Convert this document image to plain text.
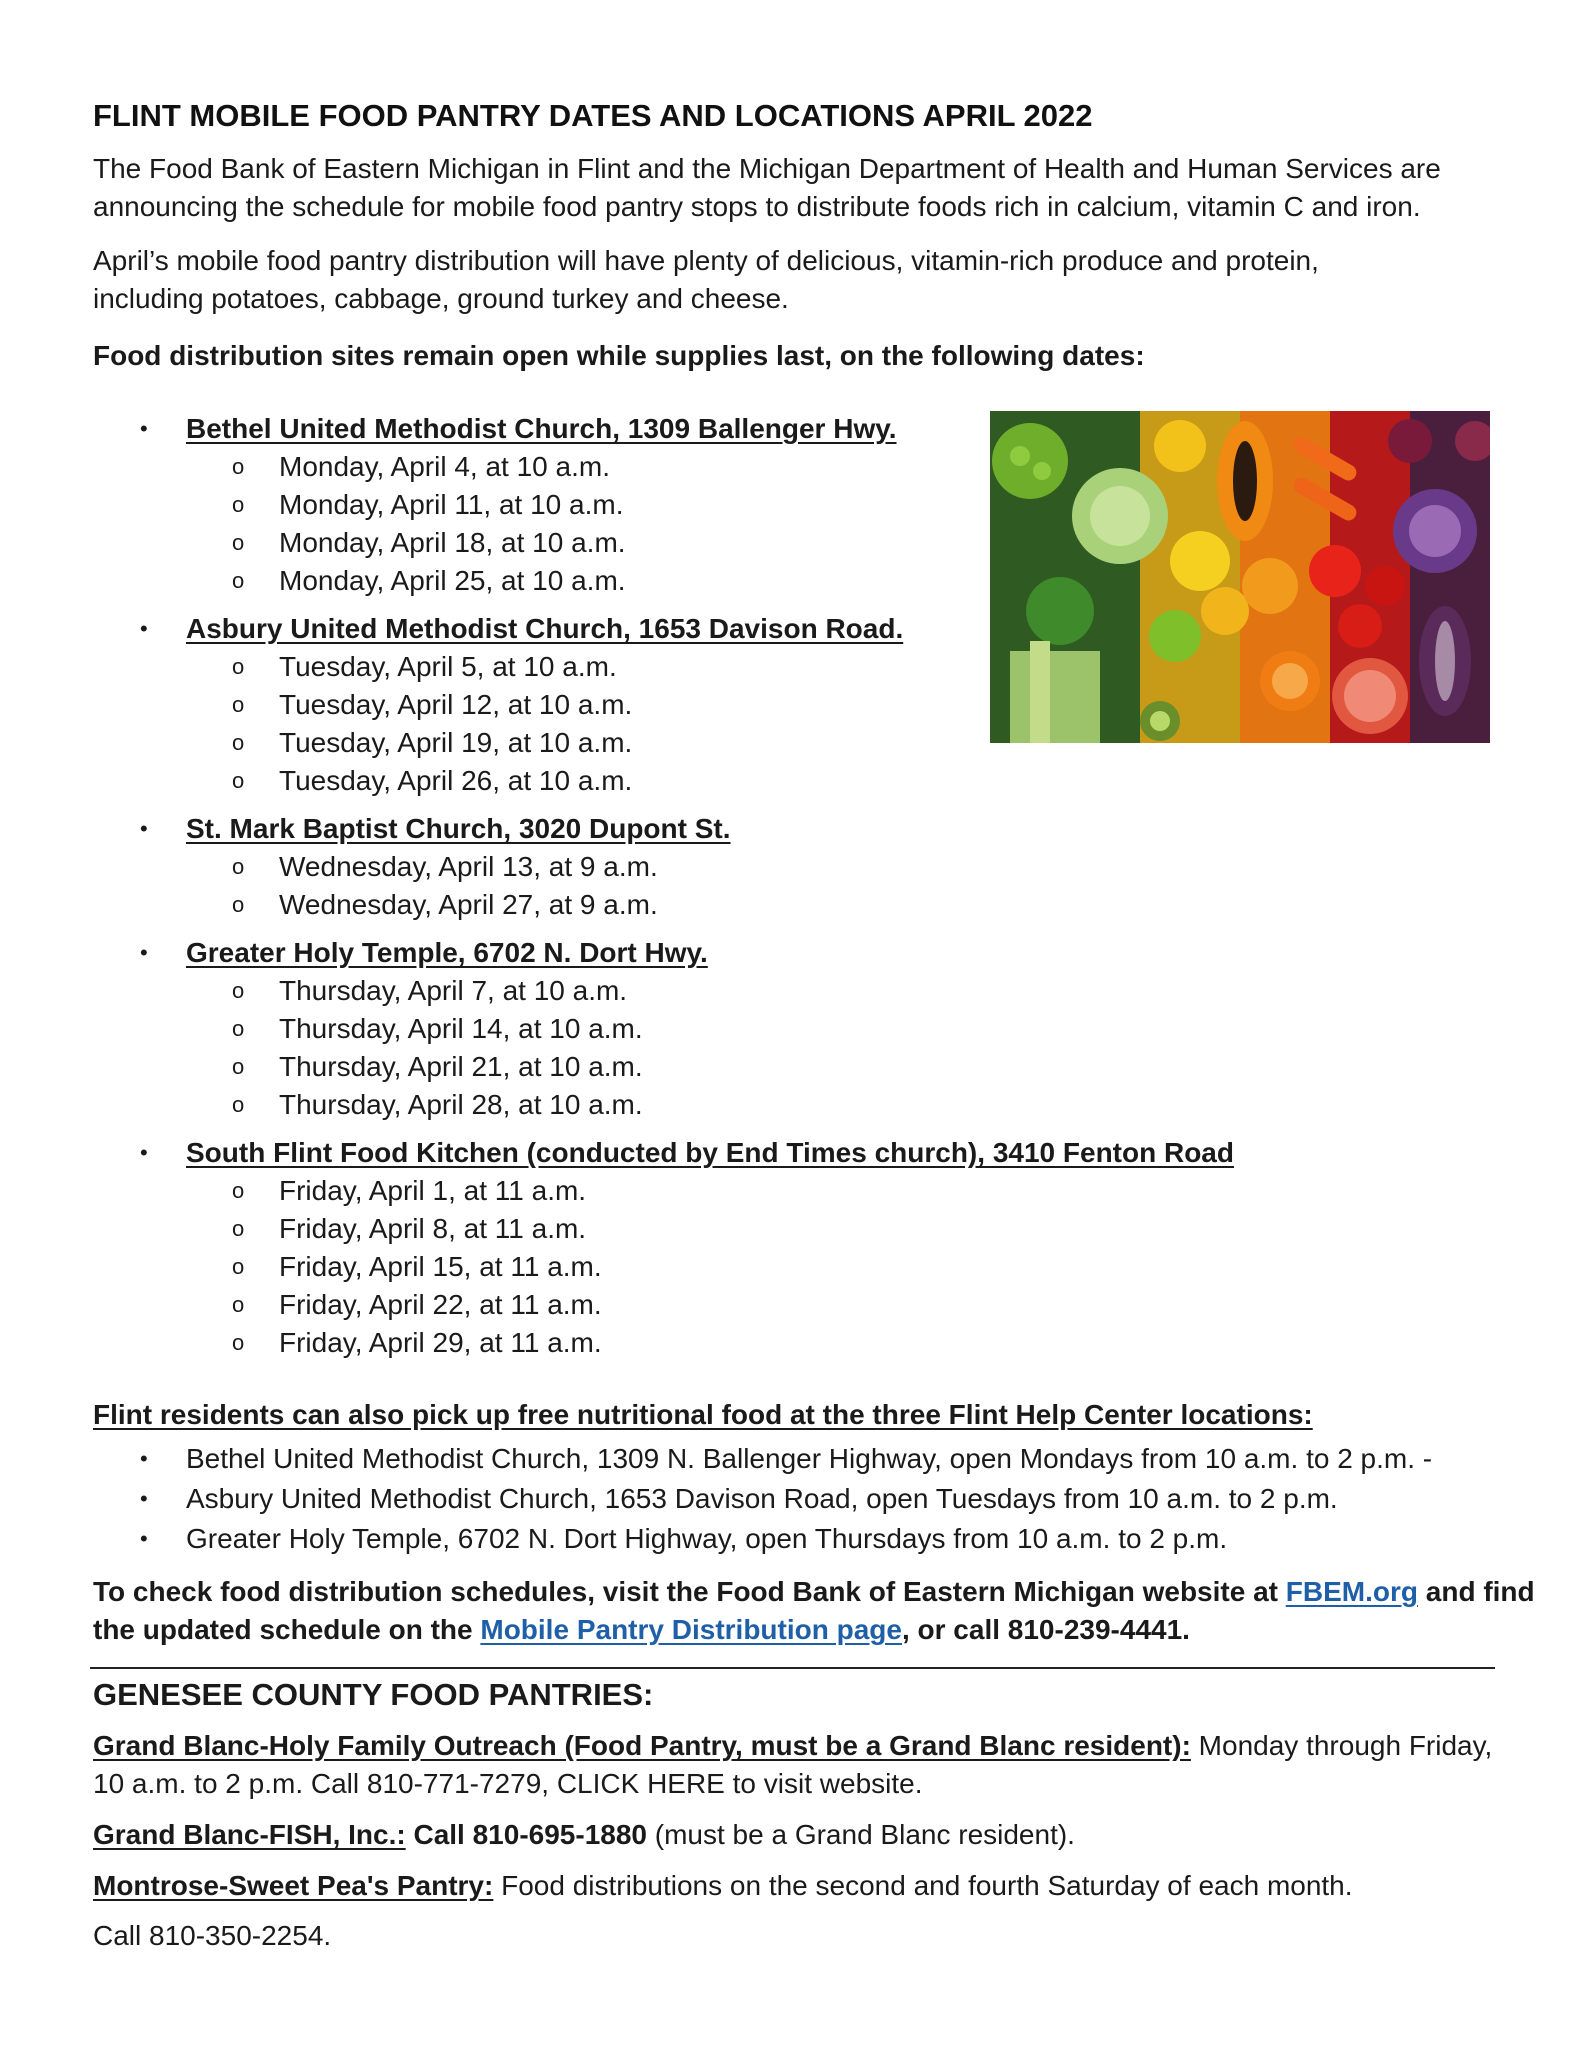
FLINT MOBILE FOOD PANTRY DATES AND LOCATIONS APRIL 2022
The Food Bank of Eastern Michigan in Flint and the Michigan Department of Health and Human Services are
announcing the schedule for mobile food pantry stops to distribute foods rich in calcium, vitamin C and iron.
April’s mobile food pantry distribution will have plenty of delicious, vitamin-rich produce and protein,
including potatoes, cabbage, ground turkey and cheese.
Food distribution sites remain open while supplies last, on the following dates:
• Bethel United Methodist Church, 1309 Ballenger Hwy.
o Monday, April 4, at 10 a.m.
o Monday, April 11, at 10 a.m.
o Monday, April 18, at 10 a.m.
o Monday, April 25, at 10 a.m.
• Asbury United Methodist Church, 1653 Davison Road.
o Tuesday, April 5, at 10 a.m.
o Tuesday, April 12, at 10 a.m.
o Tuesday, April 19, at 10 a.m.
o Tuesday, April 26, at 10 a.m.
• St. Mark Baptist Church, 3020 Dupont St.
o Wednesday, April 13, at 9 a.m.
o Wednesday, April 27, at 9 a.m.
• Greater Holy Temple, 6702 N. Dort Hwy.
o Thursday, April 7, at 10 a.m.
o Thursday, April 14, at 10 a.m.
o Thursday, April 21, at 10 a.m.
o Thursday, April 28, at 10 a.m.
• South Flint Food Kitchen (conducted by End Times church), 3410 Fenton Road
o Friday, April 1, at 11 a.m.
o Friday, April 8, at 11 a.m.
o Friday, April 15, at 11 a.m.
o Friday, April 22, at 11 a.m.
o Friday, April 29, at 11 a.m.
Flint residents can also pick up free nutritional food at the three Flint Help Center locations:
• Bethel United Methodist Church, 1309 N. Ballenger Highway, open Mondays from 10 a.m. to 2 p.m. -
• Asbury United Methodist Church, 1653 Davison Road, open Tuesdays from 10 a.m. to 2 p.m.
• Greater Holy Temple, 6702 N. Dort Highway, open Thursdays from 10 a.m. to 2 p.m.
To check food distribution schedules, visit the Food Bank of Eastern Michigan website at FBEM.org and find
the updated schedule on the Mobile Pantry Distribution page, or call 810-239-4441.
GENESEE COUNTY FOOD PANTRIES:
Grand Blanc-Holy Family Outreach (Food Pantry, must be a Grand Blanc resident): Monday through Friday,
10 a.m. to 2 p.m. Call 810-771-7279, CLICK HERE to visit website.
Grand Blanc-FISH, Inc.: Call 810-695-1880 (must be a Grand Blanc resident).
Montrose-Sweet Pea's Pantry: Food distributions on the second and fourth Saturday of each month.
Call 810-350-2254.
